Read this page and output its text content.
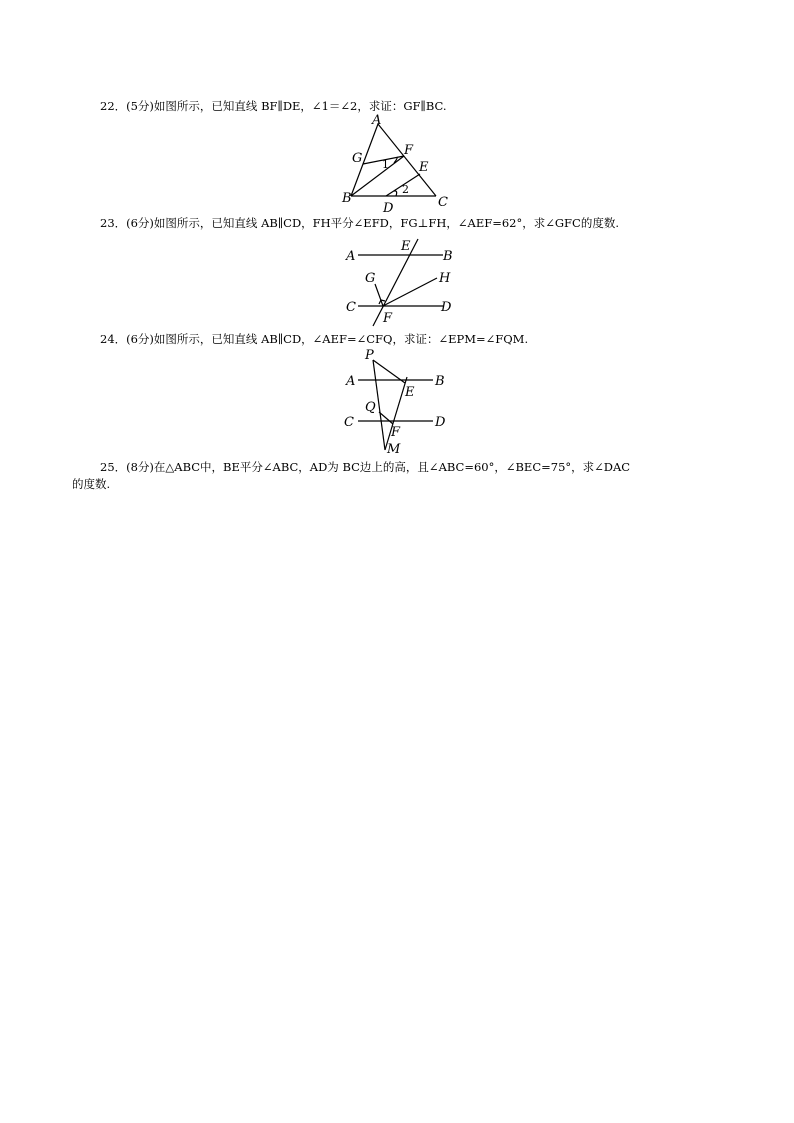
22．(5分)如图所示，已知直线 BF∥DE，∠1＝∠2，求证：GF∥BC.
A
G
F
E
B
D	C
1
2
23．(6分)如图所示，已知直线 AB∥CD，FH平分∠EFD，FG⊥FH，∠AEF=62°，求∠GFC的度数.
A
E
B
G	H
C	D
F
24．(6分)如图所示，已知直线 AB∥CD，∠AEF=∠CFQ，求证：∠EPM=∠FQM.
P
A
E
B
Q
C
F
D
M
25．(8分)在△ABC中，BE平分∠ABC，AD为 BC边上的高，且∠ABC=60°，∠BEC=75°，求∠DAC
的度数.
